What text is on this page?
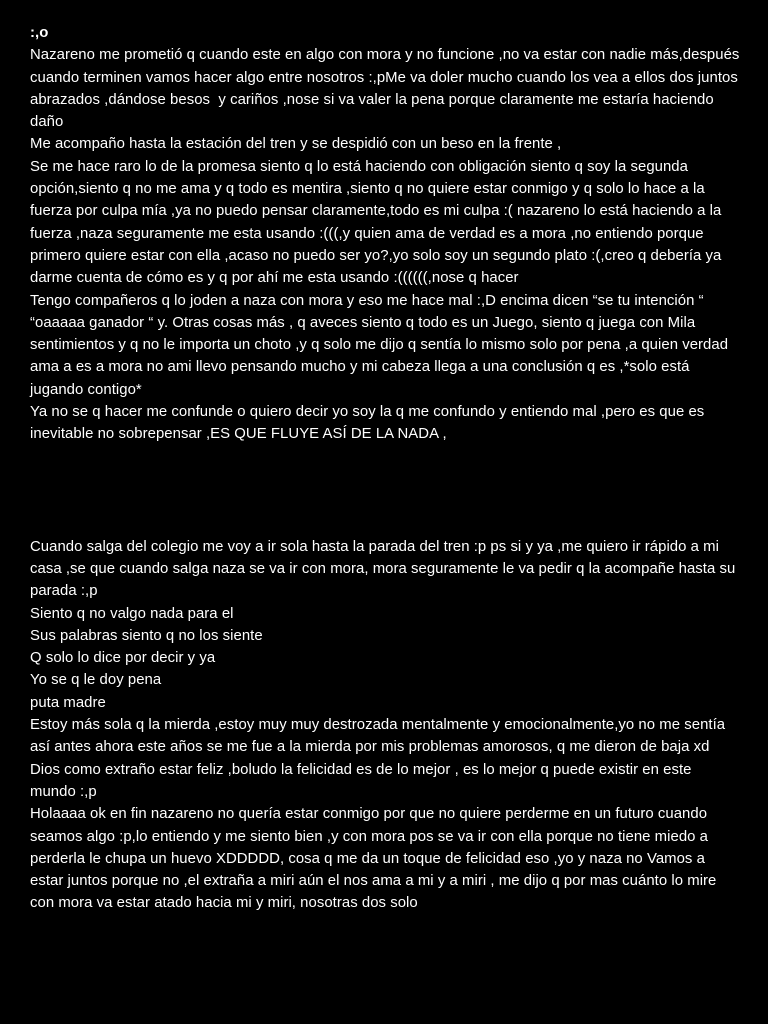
:,o

Nazareno me prometió q cuando este en algo con mora y no funcione ,no va estar con nadie más,después cuando terminen vamos hacer algo entre nosotros :,pMe va doler mucho cuando los vea a ellos dos juntos abrazados ,dándose besos  y cariños ,nose si va valer la pena porque claramente me estaría haciendo daño

Me acompaño hasta la estación del tren y se despidió con un beso en la frente ,

Se me hace raro lo de la promesa siento q lo está haciendo con obligación siento q soy la segunda opción,siento q no me ama y q todo es mentira ,siento q no quiere estar conmigo y q solo lo hace a la fuerza por culpa mía ,ya no puedo pensar claramente,todo es mi culpa :( nazareno lo está haciendo a la fuerza ,naza seguramente me esta usando :(((,y quien ama de verdad es a mora ,no entiendo porque primero quiere estar con ella ,acaso no puedo ser yo?,yo solo soy un segundo plato :(,creo q debería ya darme cuenta de cómo es y q por ahí me esta usando :((((((,nose q hacer

Tengo compañeros q lo joden a naza con mora y eso me hace mal :,D encima dicen “se tu intención “ “oaaaaa ganador “ y. Otras cosas más , q aveces siento q todo es un Juego, siento q juega con Mila sentimientos y q no le importa un choto ,y q solo me dijo q sentía lo mismo solo por pena ,a quien verdad ama a es a mora no ami llevo pensando mucho y mi cabeza llega a una conclusión q es ,*solo está jugando contigo*

Ya no se q hacer me confunde o quiero decir yo soy la q me confundo y entiendo mal ,pero es que es inevitable no sobrepensar ,ES QUE FLUYE ASÍ DE LA NADA ,

Cuando salga del colegio me voy a ir sola hasta la parada del tren :p ps si y ya ,me quiero ir rápido a mi casa ,se que cuando salga naza se va ir con mora, mora seguramente le va pedir q la acompañe hasta su parada :,p

Siento q no valgo nada para el

Sus palabras siento q no los siente

Q solo lo dice por decir y ya

Yo se q le doy pena

puta madre

Estoy más sola q la mierda ,estoy muy muy destrozada mentalmente y emocionalmente,yo no me sentía así antes ahora este años se me fue a la mierda por mis problemas amorosos, q me dieron de baja xd

Dios como extraño estar feliz ,boludo la felicidad es de lo mejor , es lo mejor q puede existir en este mundo :,p

Holaaaa ok en fin nazareno no quería estar conmigo por que no quiere perderme en un futuro cuando seamos algo :p,lo entiendo y me siento bien ,y con mora pos se va ir con ella porque no tiene miedo a perderla le chupa un huevo XDDDDD, cosa q me da un toque de felicidad eso ,yo y naza no Vamos a estar juntos porque no ,el extraña a miri aún el nos ama a mi y a miri , me dijo q por mas cuánto lo mire con mora va estar atado hacia mi y miri, nosotras dos solo
